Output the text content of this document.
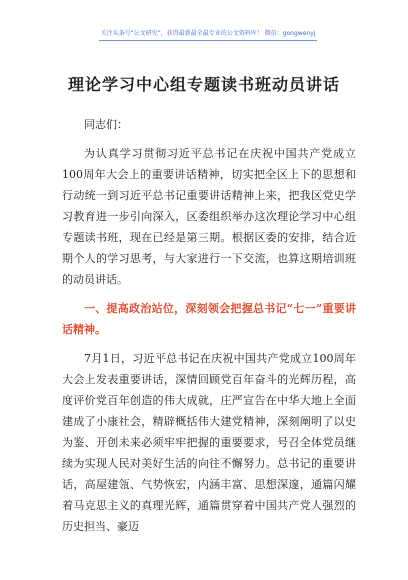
关注头条号“公文研究”，获得最新最全最专业的公文资料库！ 微信：gongwenyj
理论学习中心组专题读书班动员讲话

同志们：

为认真学习贯彻习近平总书记在庆祝中国共产党成立100周年大会上的重要讲话精神，切实把全区上下的思想和行动统一到习近平总书记重要讲话精神上来，把我区党史学习教育进一步引向深入，区委组织举办这次理论学习中心组专题读书班，现在已经是第三期。根据区委的安排，结合近期个人的学习思考，与大家进行一下交流，也算这期培训班的动员讲话。

一、提高政治站位，深刻领会把握总书记“七一”重要讲话精神。

7月1日，习近平总书记在庆祝中国共产党成立100周年大会上发表重要讲话，深情回顾党百年奋斗的光辉历程，高度评价党百年创造的伟大成就，庄严宣告在中华大地上全面建成了小康社会，精辟概括伟大建党精神，深刻阐明了以史为鉴、开创未来必须牢牢把握的重要要求，号召全体党员继续为实现人民对美好生活的向往不懈努力。总书记的重要讲话，高屋建瓴、气势恢宏，内涵丰富、思想深邃，通篇闪耀着马克思主义的真理光辉，通篇贯穿着中国共产党人强烈的历史担当、豪迈
